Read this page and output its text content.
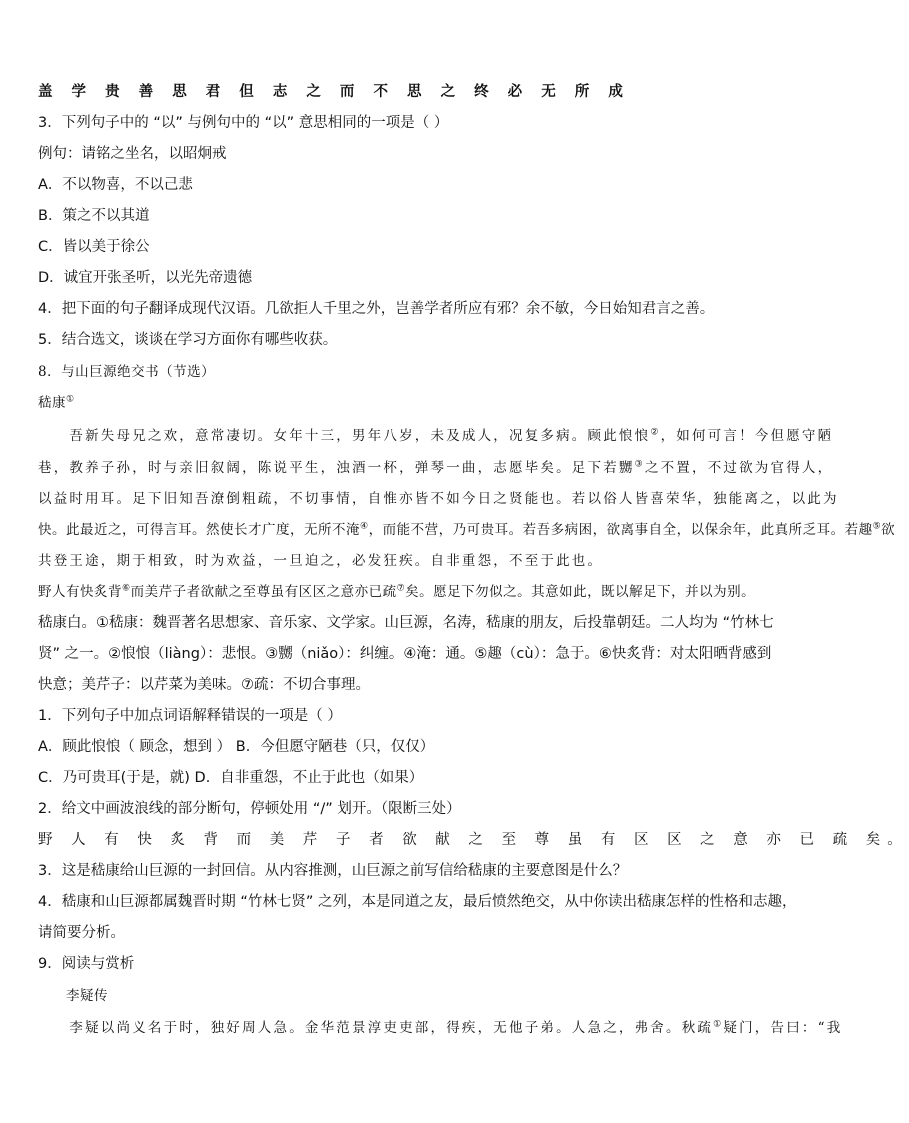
盖 学 贵 善 思 君 但 志 之 而 不 思 之 终 必 无 所 成
3．下列句子中的 “以” 与例句中的 “以” 意思相同的一项是（ ）
例句：请铭之坐名，以昭炯戒
A．不以物喜，不以己悲
B．策之不以其道
C．皆以美于徐公
D．诚宜开张圣听，以光先帝遗德
4．把下面的句子翻译成现代汉语。几欲拒人千里之外，岂善学者所应有邪？余不敏，今日始知君言之善。
5．结合选文，谈谈在学习方面你有哪些收获。
8．与山巨源绝交书（节选）
嵇康①
　　吾新失母兄之欢，意常凄切。女年十三，男年八岁，未及成人，况复多病。顾此悢悢②，如何可言！今但愿守陋
巷，教养子孙，时与亲旧叙阔，陈说平生，浊酒一杯，弹琴一曲，志愿毕矣。足下若嬲③之不置，不过欲为官得人，
以益时用耳。足下旧知吾潦倒粗疏，不切事情，自惟亦皆不如今日之贤能也。若以俗人皆喜荣华，独能离之，以此为
快。此最近之，可得言耳。然使长才广度，无所不淹④，而能不营，乃可贵耳。若吾多病困，欲离事自全，以保余年，此真所乏耳。若趣⑤欲
共登王途，期于相致，时为欢益，一旦迫之，必发狂疾。自非重怨，不至于此也。
野人有快炙背⑥而美芹子者欲献之至尊虽有区区之意亦已疏⑦矣。愿足下勿似之。其意如此，既以解足下，并以为别。
嵇康白。①嵇康：魏晋著名思想家、音乐家、文学家。山巨源，名涛，嵇康的朋友，后投靠朝廷。二人均为 “竹林七
贤” 之一。②悢悢（liàng）：悲恨。③嬲（niǎo）：纠缠。④淹：通。⑤趣（cù）：急于。⑥快炙背：对太阳晒背感到
快意；美芹子：以芹菜为美味。⑦疏：不切合事理。
1．下列句子中加点词语解释错误的一项是（ ）
A．顾此悢悢（ 顾念，想到 ） B．今但愿守陋巷（只，仅仅）
C．乃可贵耳(于是，就) D．自非重怨，不止于此也（如果）
2．给文中画波浪线的部分断句，停顿处用 “/” 划开。（限断三处）
野 人 有 快 炙 背 而 美 芹 子 者 欲 献 之 至 尊 虽 有 区 区 之 意 亦 已 疏 矣。
3．这是嵇康给山巨源的一封回信。从内容推测，山巨源之前写信给嵇康的主要意图是什么？
4．嵇康和山巨源都属魏晋时期 “竹林七贤” 之列，本是同道之友，最后愤然绝交，从中你读出嵇康怎样的性格和志趣，
请简要分析。
9．阅读与赏析
李疑传
　　李疑以尚义名于时，独好周人急。金华范景淳吏吏部，得疾，无他子弟。人急之，弗舍。秋疏①疑门，告曰：“我
